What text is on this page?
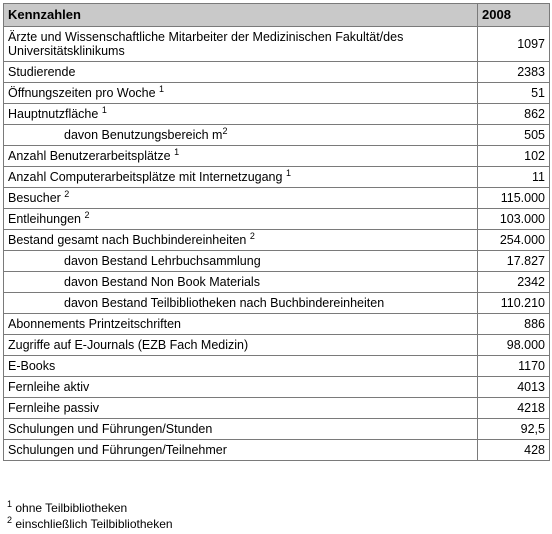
Kennzahlen	2008
Ärzte und Wissenschaftliche Mitarbeiter der Medizinischen Fakultät/des Universitätsklinikums	1097
Studierende	2383
Öffnungszeiten pro Woche $^1$	51
Hauptnutzfläche $^1$	862
davon Benutzungsbereich $m^2$	505
Anzahl Benutzerarbeitsplätze $^1$	102
Anzahl Computerarbeitsplätze mit Internetzugang $^1$	11
Besucher $^2$	115.000
Entleihungen $^2$	103.000
Bestand gesamt nach Buchbindereinheiten $^2$	254.000
davon Bestand Lehrbuchsammlung	17.827
davon Bestand Non Book Materials	2342
davon Bestand Teilbibliotheken nach Buchbindereinheiten	110.210
Abonnements Printzeitschriften	886
Zugriffe auf E-Journals (EZB Fach Medizin)	98.000
E-Books	1170
Fernleihe aktiv	4013
Fernleihe passiv	4218
Schulungen und Führungen/Stunden	92,5
Schulungen und Führungen/Teilnehmer	428
$^1$ ohne Teilbibliotheken
$^2$ einschließlich Teilbibliotheken
